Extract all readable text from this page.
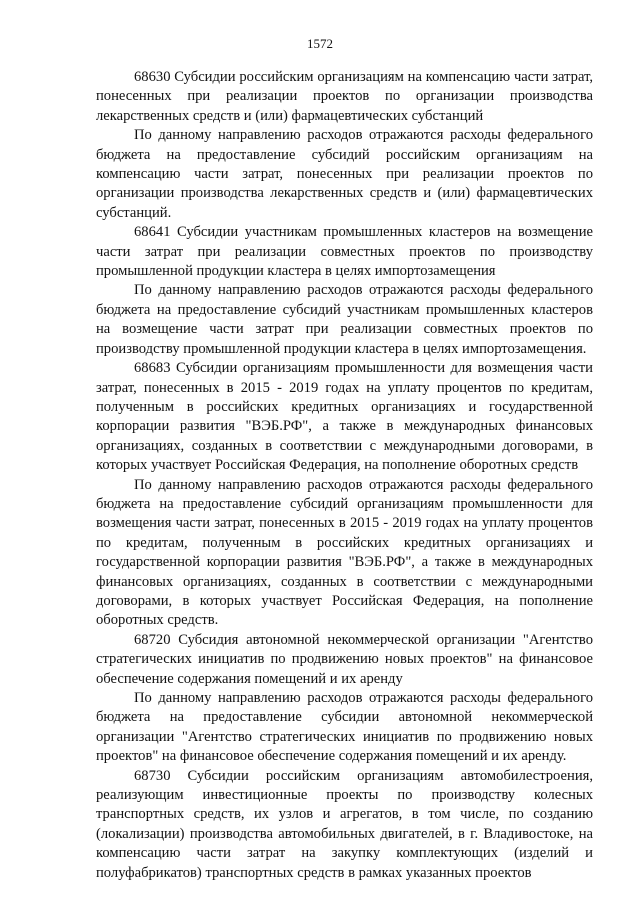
1572

68630 Субсидии российским организациям на компенсацию части затрат, понесенных при реализации проектов по организации производства лекарственных средств и (или) фармацевтических субстанций

По данному направлению расходов отражаются расходы федерального бюджета на предоставление субсидий российским организациям на компенсацию части затрат, понесенных при реализации проектов по организации производства лекарственных средств и (или) фармацевтических субстанций.

68641 Субсидии участникам промышленных кластеров на возмещение части затрат при реализации совместных проектов по производству промышленной продукции кластера в целях импортозамещения

По данному направлению расходов отражаются расходы федерального бюджета на предоставление субсидий участникам промышленных кластеров на возмещение части затрат при реализации совместных проектов по производству промышленной продукции кластера в целях импортозамещения.

68683 Субсидии организациям промышленности для возмещения части затрат, понесенных в 2015 - 2019 годах на уплату процентов по кредитам, полученным в российских кредитных организациях и государственной корпорации развития "ВЭБ.РФ", а также в международных финансовых организациях, созданных в соответствии с международными договорами, в которых участвует Российская Федерация, на пополнение оборотных средств

По данному направлению расходов отражаются расходы федерального бюджета на предоставление субсидий организациям промышленности для возмещения части затрат, понесенных в 2015 - 2019 годах на уплату процентов по кредитам, полученным в российских кредитных организациях и государственной корпорации развития "ВЭБ.РФ", а также в международных финансовых организациях, созданных в соответствии с международными договорами, в которых участвует Российская Федерация, на пополнение оборотных средств.

68720 Субсидия автономной некоммерческой организации "Агентство стратегических инициатив по продвижению новых проектов" на финансовое обеспечение содержания помещений и их аренду

По данному направлению расходов отражаются расходы федерального бюджета на предоставление субсидии автономной некоммерческой организации "Агентство стратегических инициатив по продвижению новых проектов" на финансовое обеспечение содержания помещений и их аренду.

68730 Субсидии российским организациям автомобилестроения, реализующим инвестиционные проекты по производству колесных транспортных средств, их узлов и агрегатов, в том числе, по созданию (локализации) производства автомобильных двигателей, в г. Владивостоке, на компенсацию части затрат на закупку комплектующих (изделий и полуфабрикатов) транспортных средств в рамках указанных проектов
